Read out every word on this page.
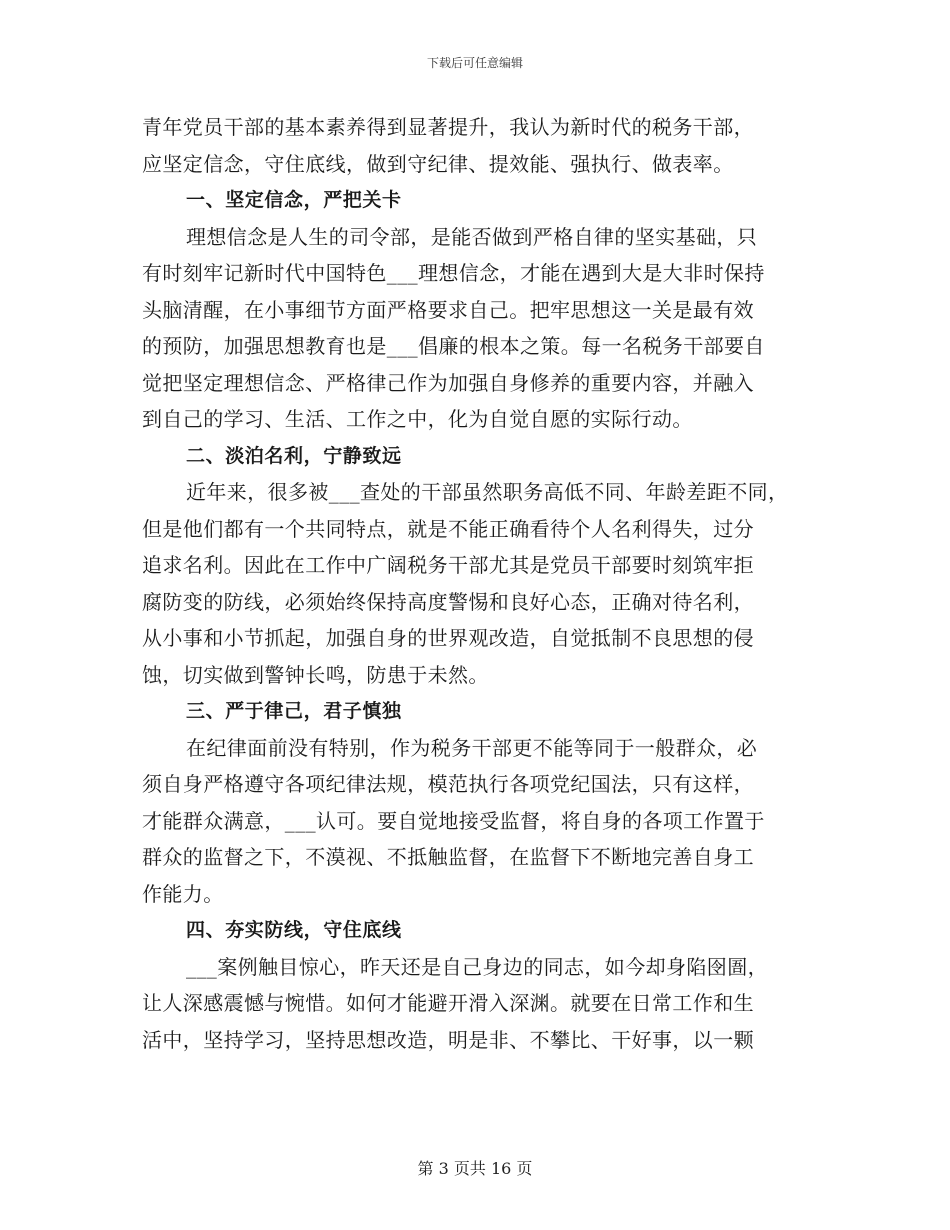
下载后可任意编辑
青年党员干部的基本素养得到显著提升，我认为新时代的税务干部，
应坚定信念，守住底线，做到守纪律、提效能、强执行、做表率。
一、坚定信念，严把关卡
理想信念是人生的司令部，是能否做到严格自律的坚实基础，只
有时刻牢记新时代中国特色___理想信念，才能在遇到大是大非时保持
头脑清醒，在小事细节方面严格要求自己。把牢思想这一关是最有效
的预防，加强思想教育也是___倡廉的根本之策。每一名税务干部要自
觉把坚定理想信念、严格律己作为加强自身修养的重要内容，并融入
到自己的学习、生活、工作之中，化为自觉自愿的实际行动。
二、淡泊名利，宁静致远
近年来，很多被___查处的干部虽然职务高低不同、年龄差距不同，
但是他们都有一个共同特点，就是不能正确看待个人名利得失，过分
追求名利。因此在工作中广阔税务干部尤其是党员干部要时刻筑牢拒
腐防变的防线，必须始终保持高度警惕和良好心态，正确对待名利，
从小事和小节抓起，加强自身的世界观改造，自觉抵制不良思想的侵
蚀，切实做到警钟长鸣，防患于未然。
三、严于律己，君子慎独
在纪律面前没有特别，作为税务干部更不能等同于一般群众，必
须自身严格遵守各项纪律法规，模范执行各项党纪国法，只有这样，
才能群众满意，___认可。要自觉地接受监督，将自身的各项工作置于
群众的监督之下，不漠视、不抵触监督，在监督下不断地完善自身工
作能力。
四、夯实防线，守住底线
___案例触目惊心，昨天还是自己身边的同志，如今却身陷囹圄，
让人深感震憾与惋惜。如何才能避开滑入深渊。就要在日常工作和生
活中，坚持学习，坚持思想改造，明是非、不攀比、干好事，以一颗
第 3 页共 16 页
